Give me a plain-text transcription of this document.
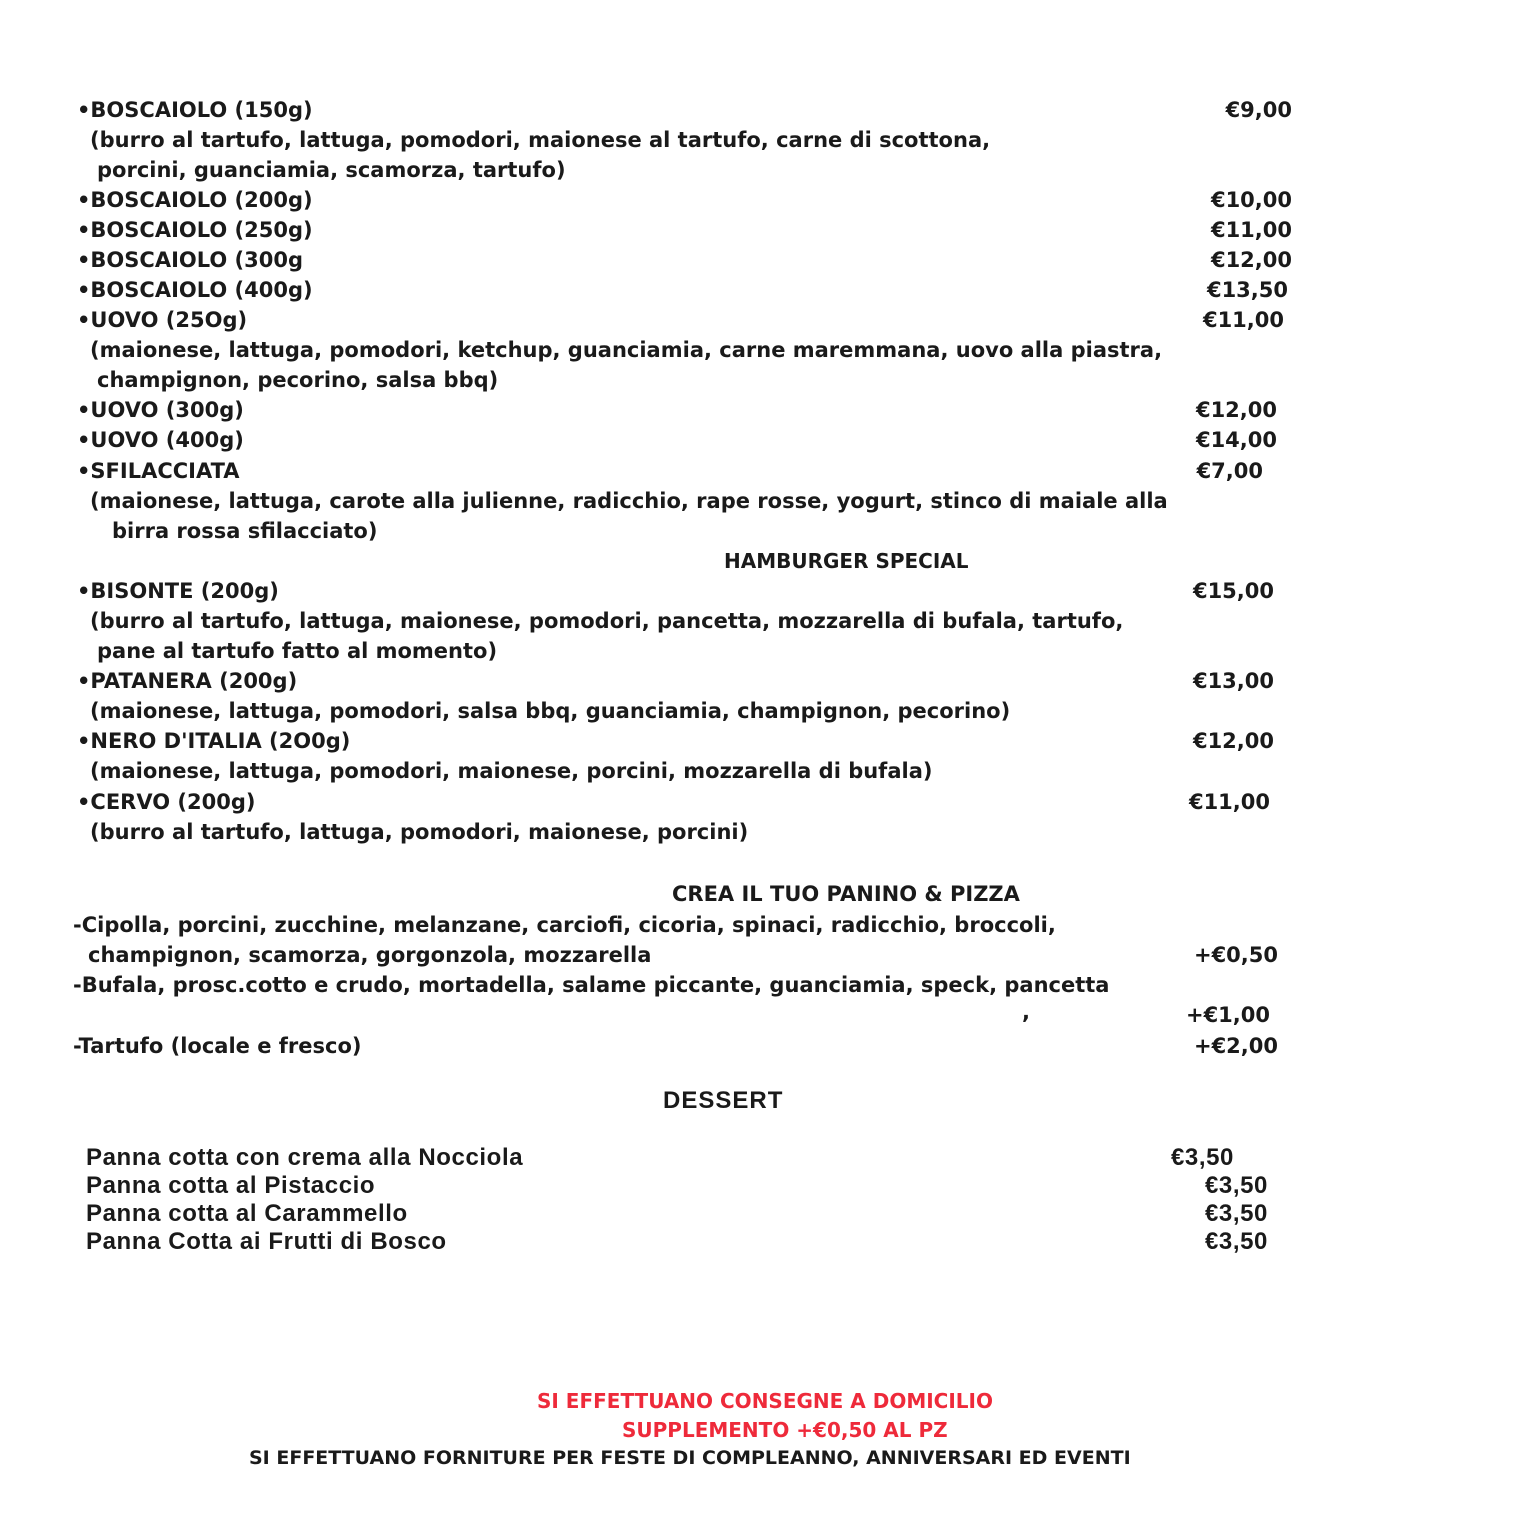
•BOSCAIOLO (150g)	€9,00
(burro al tartufo, lattuga, pomodori, maionese al tartufo, carne di scottona,
porcini, guanciamia, scamorza, tartufo)
•BOSCAIOLO (200g)	€10,00
•BOSCAIOLO (250g)	€11,00
•BOSCAIOLO (300g	€12,00
•BOSCAIOLO (400g)	€13,50
•UOVO (25Og)	€11,00
(maionese, lattuga, pomodori, ketchup, guanciamia, carne maremmana, uovo alla piastra,
champignon, pecorino, salsa bbq)
•UOVO (300g)	€12,00
•UOVO (400g)	€14,00
•SFILACCIATA	€7,00
(maionese, lattuga, carote alla julienne, radicchio, rape rosse, yogurt, stinco di maiale alla
birra rossa sfilacciato)
HAMBURGER SPECIAL
•BISONTE (200g)	€15,00
(burro al tartufo, lattuga, maionese, pomodori, pancetta, mozzarella di bufala, tartufo,
pane al tartufo fatto al momento)
•PATANERA (200g)	€13,00
(maionese, lattuga, pomodori, salsa bbq, guanciamia, champignon, pecorino)
•NERO D'ITALIA (2O0g)	€12,00
(maionese, lattuga, pomodori, maionese, porcini, mozzarella di bufala)
•CERVO (200g)	€11,00
(burro al tartufo, lattuga, pomodori, maionese, porcini)
CREA IL TUO PANINO & PIZZA
-Cipolla, porcini, zucchine, melanzane, carciofi, cicoria, spinaci, radicchio, broccoli,
champignon, scamorza, gorgonzola, mozzarella	+€0,50
-Bufala, prosc.cotto e crudo, mortadella, salame piccante, guanciamia, speck, pancetta
,	+€1,00
-Tartufo (locale e fresco)	+€2,00
DESSERT
Panna cotta con crema alla Nocciola	€3,50
Panna cotta al Pistaccio	€3,50
Panna cotta al Carammello	€3,50
Panna Cotta ai Frutti di Bosco	€3,50
SI EFFETTUANO CONSEGNE A DOMICILIO
SUPPLEMENTO +€0,50 AL PZ
SI EFFETTUANO FORNITURE PER FESTE DI COMPLEANNO, ANNIVERSARI ED EVENTI
